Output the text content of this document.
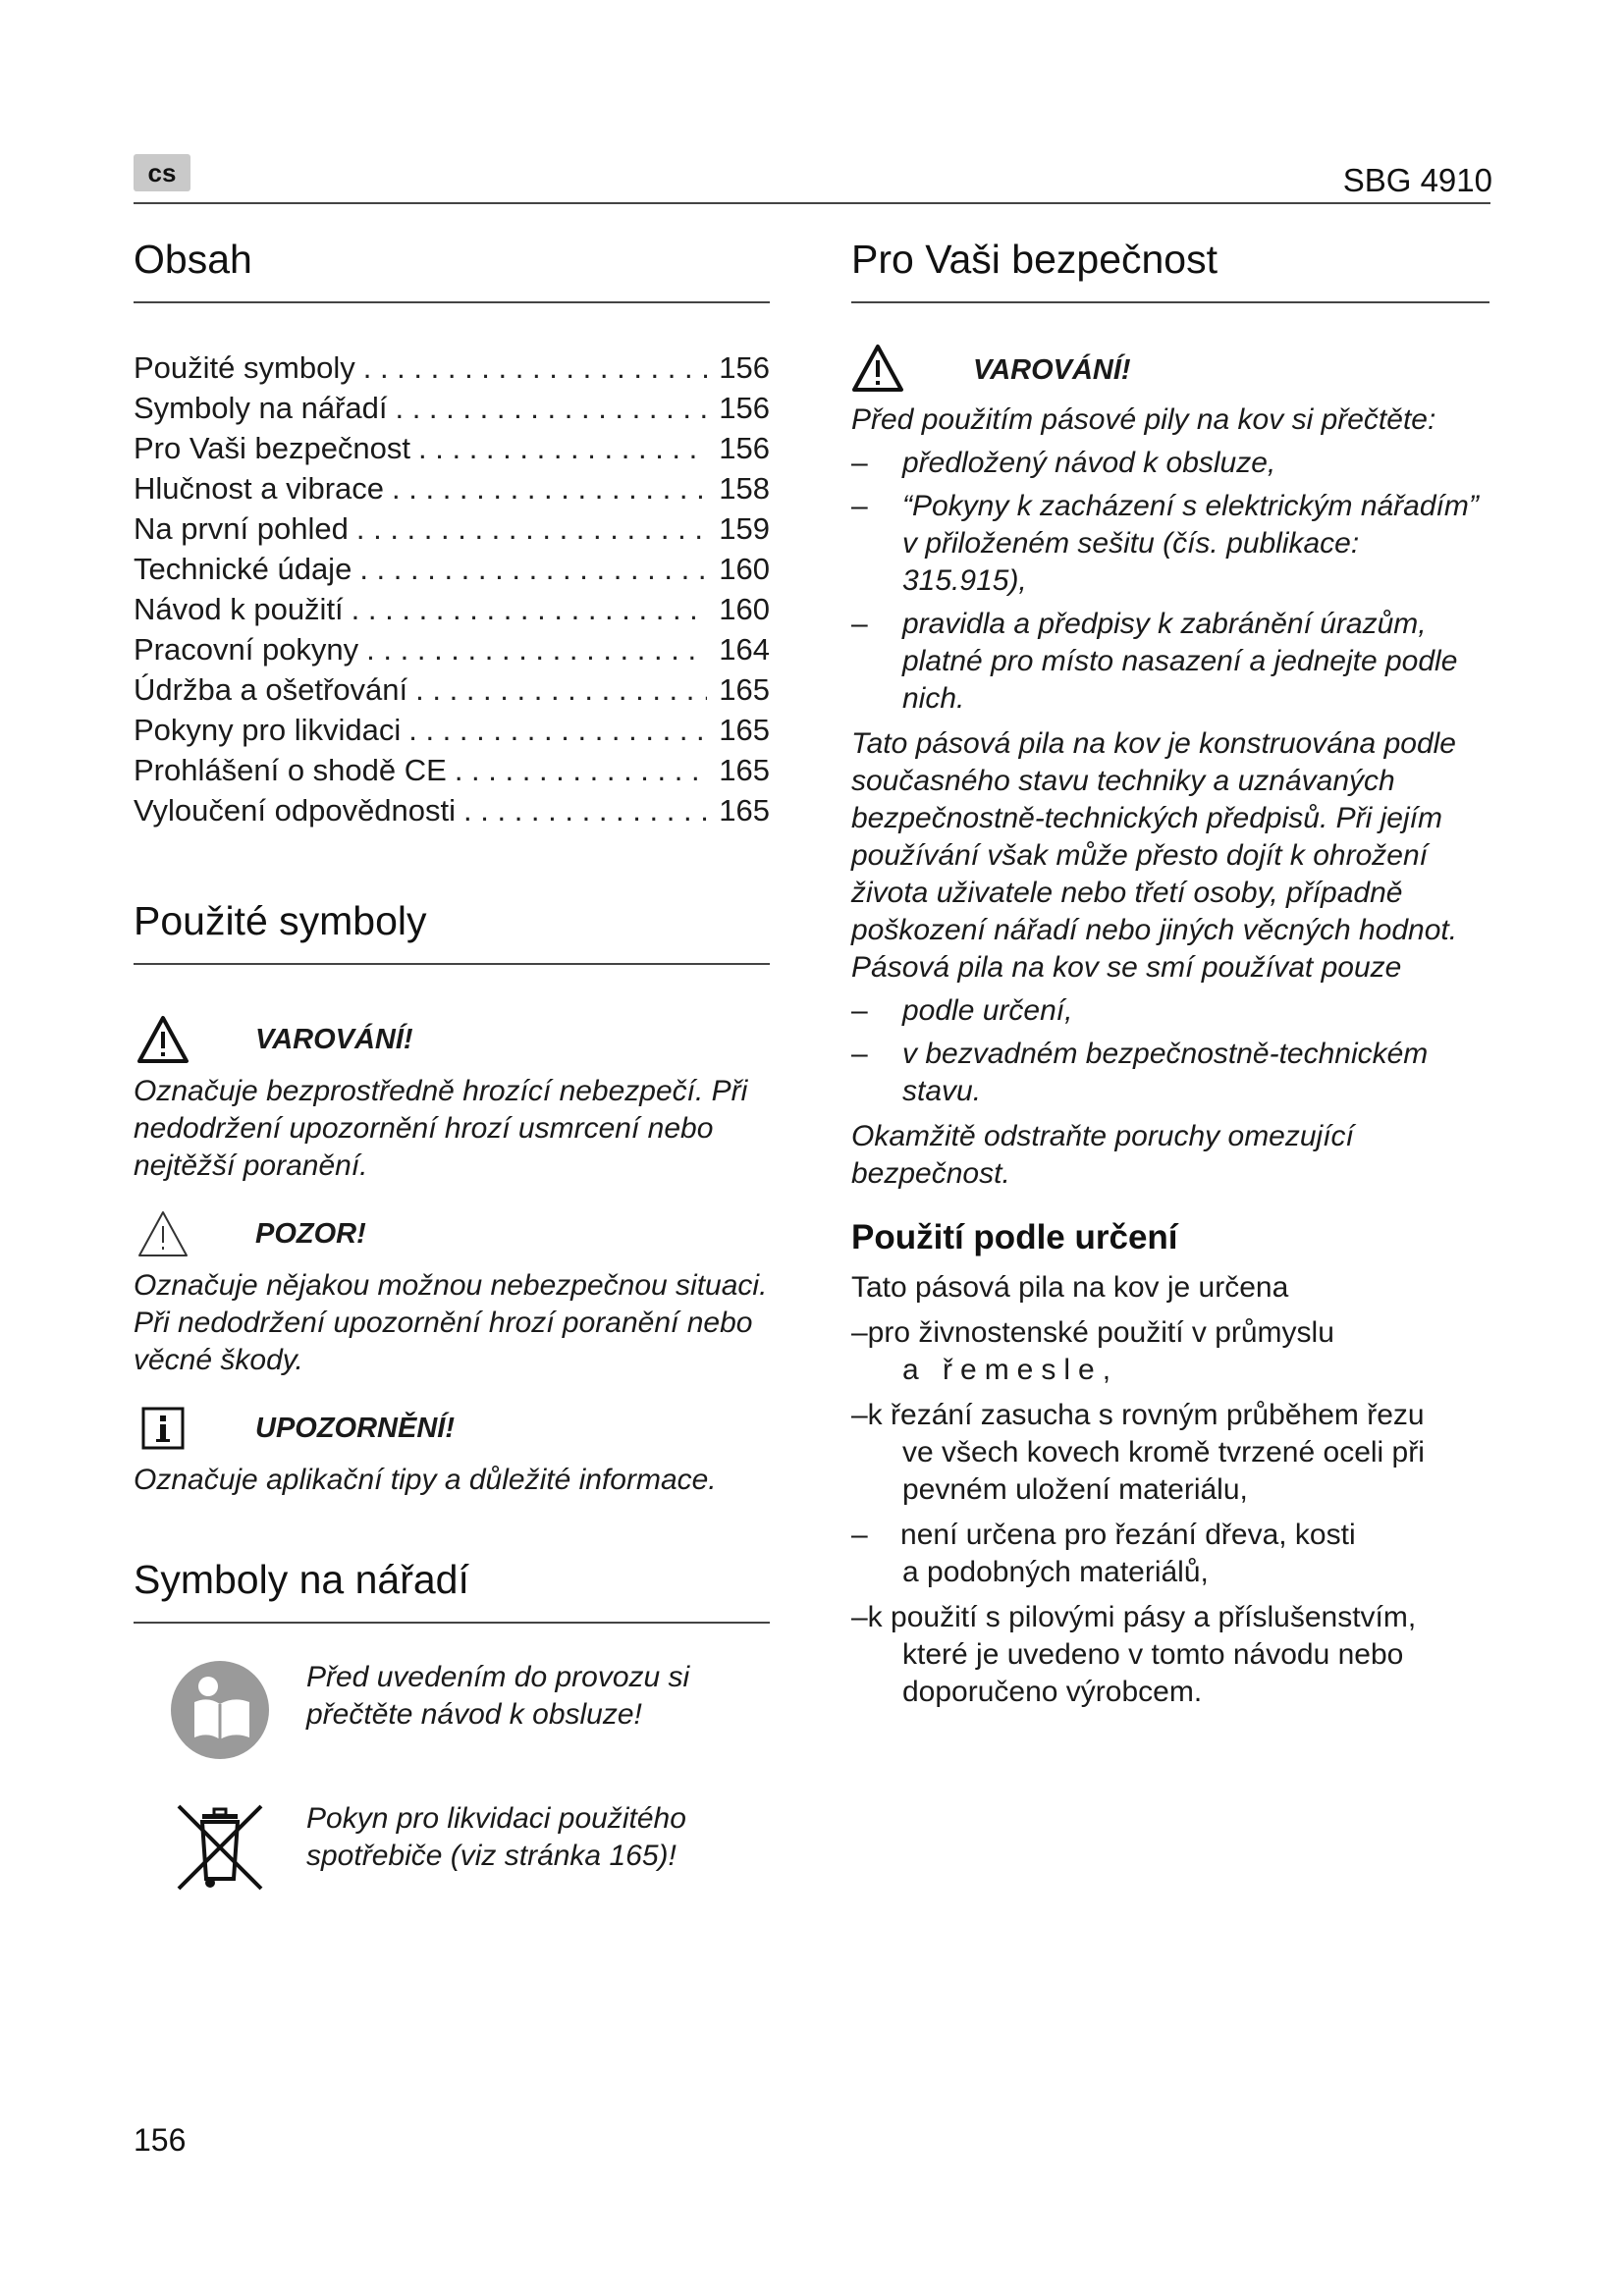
cs	SBG 4910
Obsah
Použité symboly . . .	156
Symboly na nářadí . . .	156
Pro Vaši bezpečnost . . .	156
Hlučnost a vibrace . . .	158
Na první pohled . . .	159
Technické údaje . . .	160
Návod k použití . . .	160
Pracovní pokyny . . .	164
Údržba a ošetřování . . .	165
Pokyny pro likvidaci . . .	165
Prohlášení o shodě CE . . .	165
Vyloučení odpovědnosti . . .	165
Použité symboly
VAROVÁNÍ!
Označuje bezprostředně hrozící nebezpečí. Při nedodržení upozornění hrozí usmrcení nebo nejtěžší poranění.
POZOR!
Označuje nějakou možnou nebezpečnou situaci. Při nedodržení upozornění hrozí poranění nebo věcné škody.
UPOZORNĚNÍ!
Označuje aplikační tipy a důležité informace.
Symboly na nářadí
Před uvedením do provozu si přečtěte návod k obsluze!
Pokyn pro likvidaci použitého spotřebiče (viz stránka 165)!
Pro Vaši bezpečnost
VAROVÁNÍ!
Před použitím pásové pily na kov si přečtěte:
–	předložený návod k obsluze,
–	“Pokyny k zacházení s elektrickým nářadím” v přiloženém sešitu (čís. publikace: 315.915),
–	pravidla a předpisy k zabránění úrazům, platné pro místo nasazení a jednejte podle nich.
Tato pásová pila na kov je konstruována podle současného stavu techniky a uznávaných bezpečnostně-technických předpisů. Při jejím používání však může přesto dojít k ohrožení života uživatele nebo třetí osoby, případně poškození nářadí nebo jiných věcných hodnot. Pásová pila na kov se smí používat pouze
–	podle určení,
–	v bezvadném bezpečnostně-technickém stavu.
Okamžitě odstraňte poruchy omezující bezpečnost.
Použití podle určení
Tato pásová pila na kov je určena
–pro živnostenské použití v průmyslu
a řemesle,
–k řezání zasucha s rovným průběhem řezu
ve všech kovech kromě tvrzené oceli při pevném uložení materiálu,
–    není určena pro řezání dřeva, kosti
a podobných materiálů,
–k použití s pilovými pásy a příslušenstvím,
které je uvedeno v tomto návodu nebo doporučeno výrobcem.
156
